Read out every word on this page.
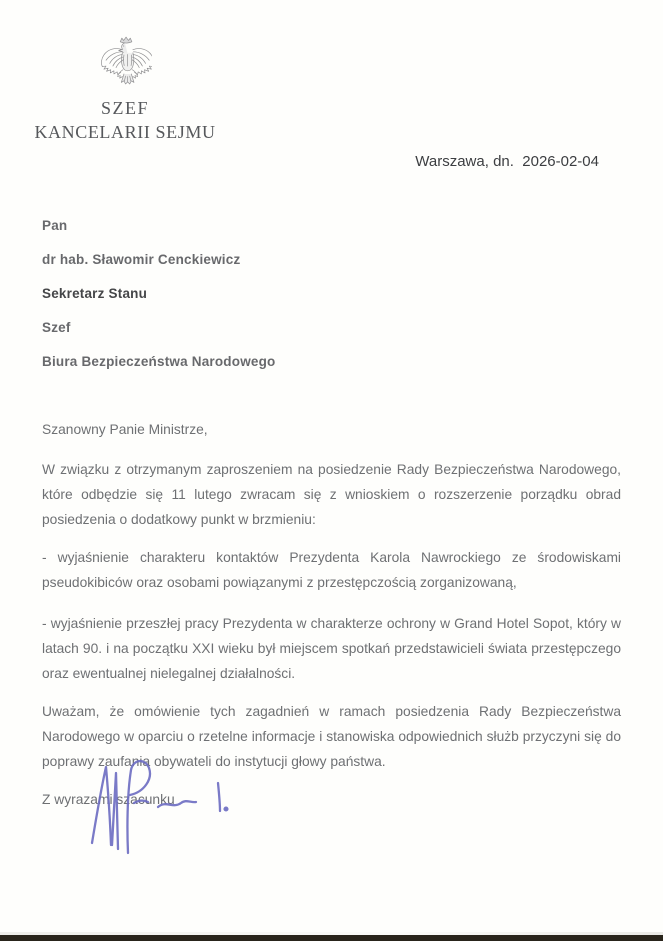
SZEF
KANCELARII SEJMU
Warszawa, dn.  2026-02-04
Pan
dr hab. Sławomir Cenckiewicz
Sekretarz Stanu
Szef
Biura Bezpieczeństwa Narodowego
Szanowny Panie Ministrze,
W związku z otrzymanym zaproszeniem na posiedzenie Rady Bezpieczeństwa Narodowego, które odbędzie się 11 lutego zwracam się z wnioskiem o rozszerzenie porządku obrad posiedzenia o dodatkowy punkt w brzmieniu:
- wyjaśnienie charakteru kontaktów Prezydenta Karola Nawrockiego ze środowiskami pseudokibiców oraz osobami powiązanymi z przestępczością zorganizowaną,
- wyjaśnienie przeszłej pracy Prezydenta w charakterze ochrony w Grand Hotel Sopot, który w latach 90. i na początku XXI wieku był miejscem spotkań przedstawicieli świata przestępczego oraz ewentualnej nielegalnej działalności.
Uważam, że omówienie tych zagadnień w ramach posiedzenia Rady Bezpieczeństwa Narodowego w oparciu o rzetelne informacje i stanowiska odpowiednich służb przyczyni się do poprawy zaufania obywateli do instytucji głowy państwa.
Z wyrazami szacunku
